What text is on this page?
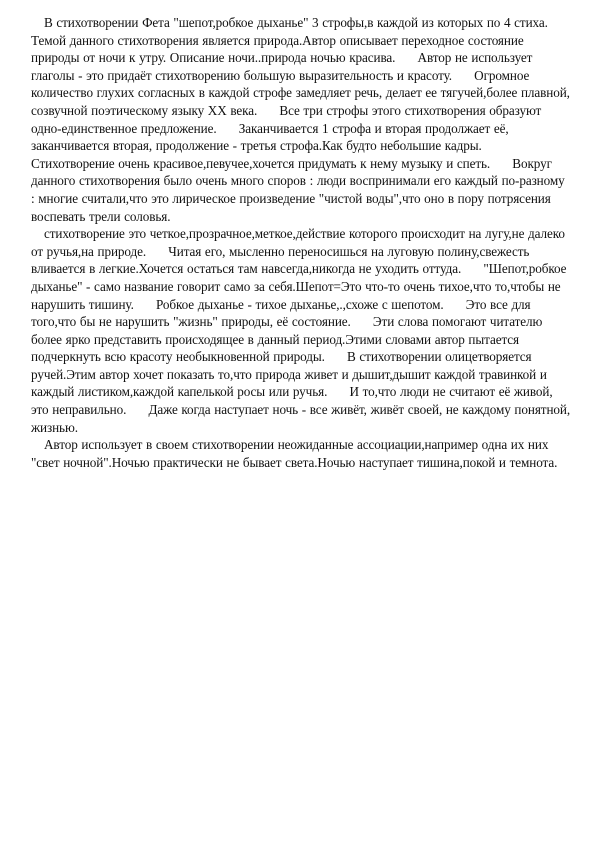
В стихотворении Фета "шепот,робкое дыханье" 3 строфы,в каждой из которых по 4 стиха.      Темой данного стихотворения является природа.Автор описывает переходное состояние природы от ночи к утру. Описание ночи..природа ночью красива.      Автор не использует глаголы - это придаёт стихотворению большую выразительность и красоту.      Огромное количество глухих согласных в каждой строфе замедляет речь, делает ее тягучей,более плавной, созвучной поэтическому языку XX века.      Все три строфы этого стихотворения образуют одно-единственное предложение.      Заканчивается 1 строфа и вторая продолжает её, заканчивается вторая, продолжение - третья строфа.Как будто небольшие кадры.      Стихотворение очень красивое,певучее,хочется придумать к нему музыку и спеть.      Вокруг данного стихотворения было очень много споров : люди воспринимали его каждый по-разному : многие считали,что это лирическое произведение "чистой воды",что оно в пору потрясения воспевать трели соловья.

стихотворение это четкое,прозрачное,меткое,действие которого происходит на лугу,не далеко от ручья,на природе.      Читая его, мысленно переносишься на луговую полину,свежесть вливается в легкие.Хочется остаться там навсегда,никогда не уходить оттуда.      "Шепот,робкое дыханье" - само название говорит само за себя.Шепот=Это что-то очень тихое,что то,чтобы не нарушить тишину.      Робкое дыханье - тихое дыханье,.,схоже с шепотом.      Это все для того,что бы не нарушить "жизнь" природы, её состояние.      Эти слова помогают читателю более ярко представить происходящее в данный период.Этими словами автор пытается подчеркнуть всю красоту необыкновенной природы.      В стихотворении олицетворяется ручей.Этим автор хочет показать то,что природа живет и дышит,дышит каждой травинкой и каждый листиком,каждой капелькой росы или ручья.      И то,что люди не считают её живой, это неправильно.      Даже когда наступает ночь - все живёт, живёт своей, не каждому понятной, жизнью.

Автор использует в своем стихотворении неожиданные ассоциации,например одна их них "свет ночной".Ночью практически не бывает света.Ночью наступает тишина,покой и темнота.
